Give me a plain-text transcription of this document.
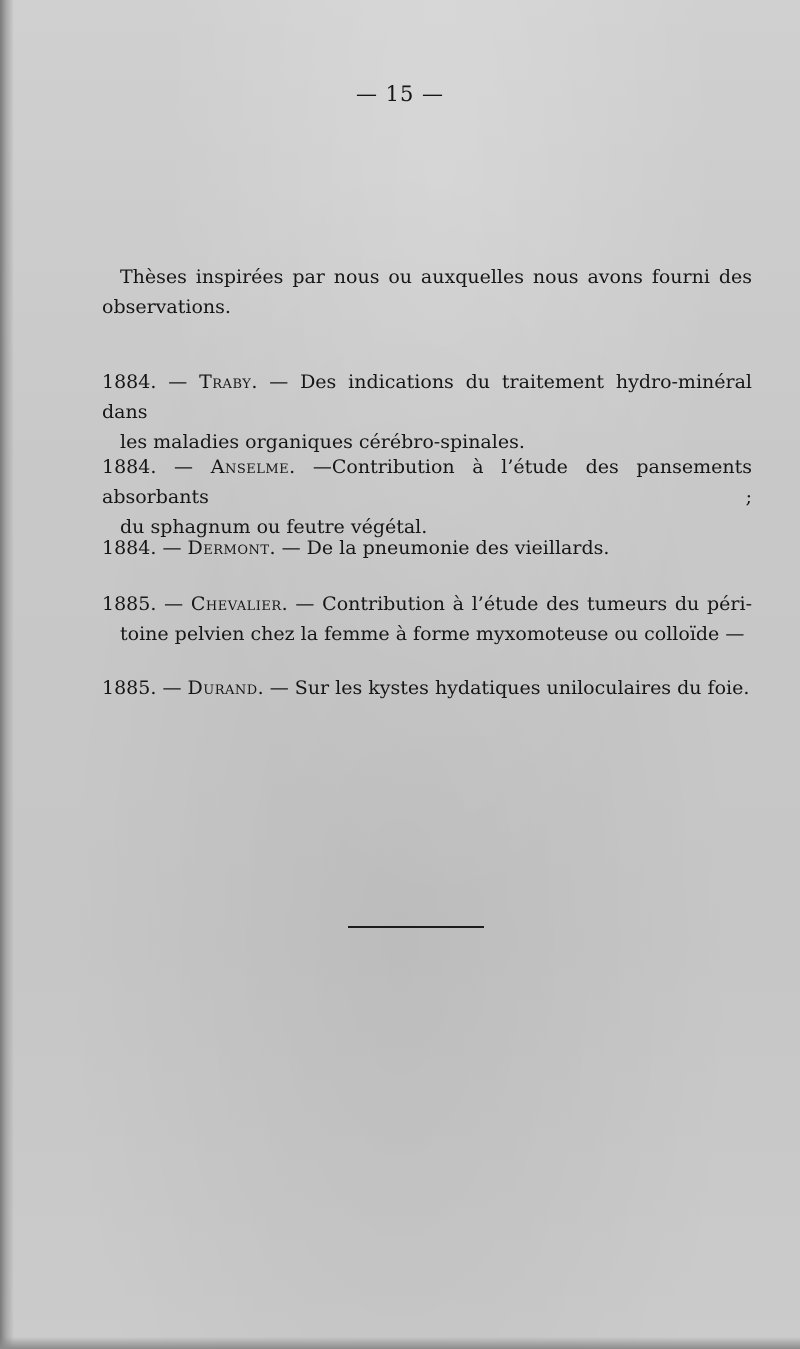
— 15 —

Thèses inspirées par nous ou auxquelles nous avons fourni des observations.

1884. — Traby. — Des indications du traitement hydro-minéral dans
les maladies organiques cérébro-spinales.

1884. — Anselme. —Contribution à l’étude des pansements absorbants ;
du sphagnum ou feutre végétal.

1884. — Dermont. — De la pneumonie des vieillards.

1885. — Chevalier. — Contribution à l’étude des tumeurs du péri-
toine pelvien chez la femme à forme myxomoteuse ou colloïde —

1885. — Durand. — Sur les kystes hydatiques uniloculaires du foie.
